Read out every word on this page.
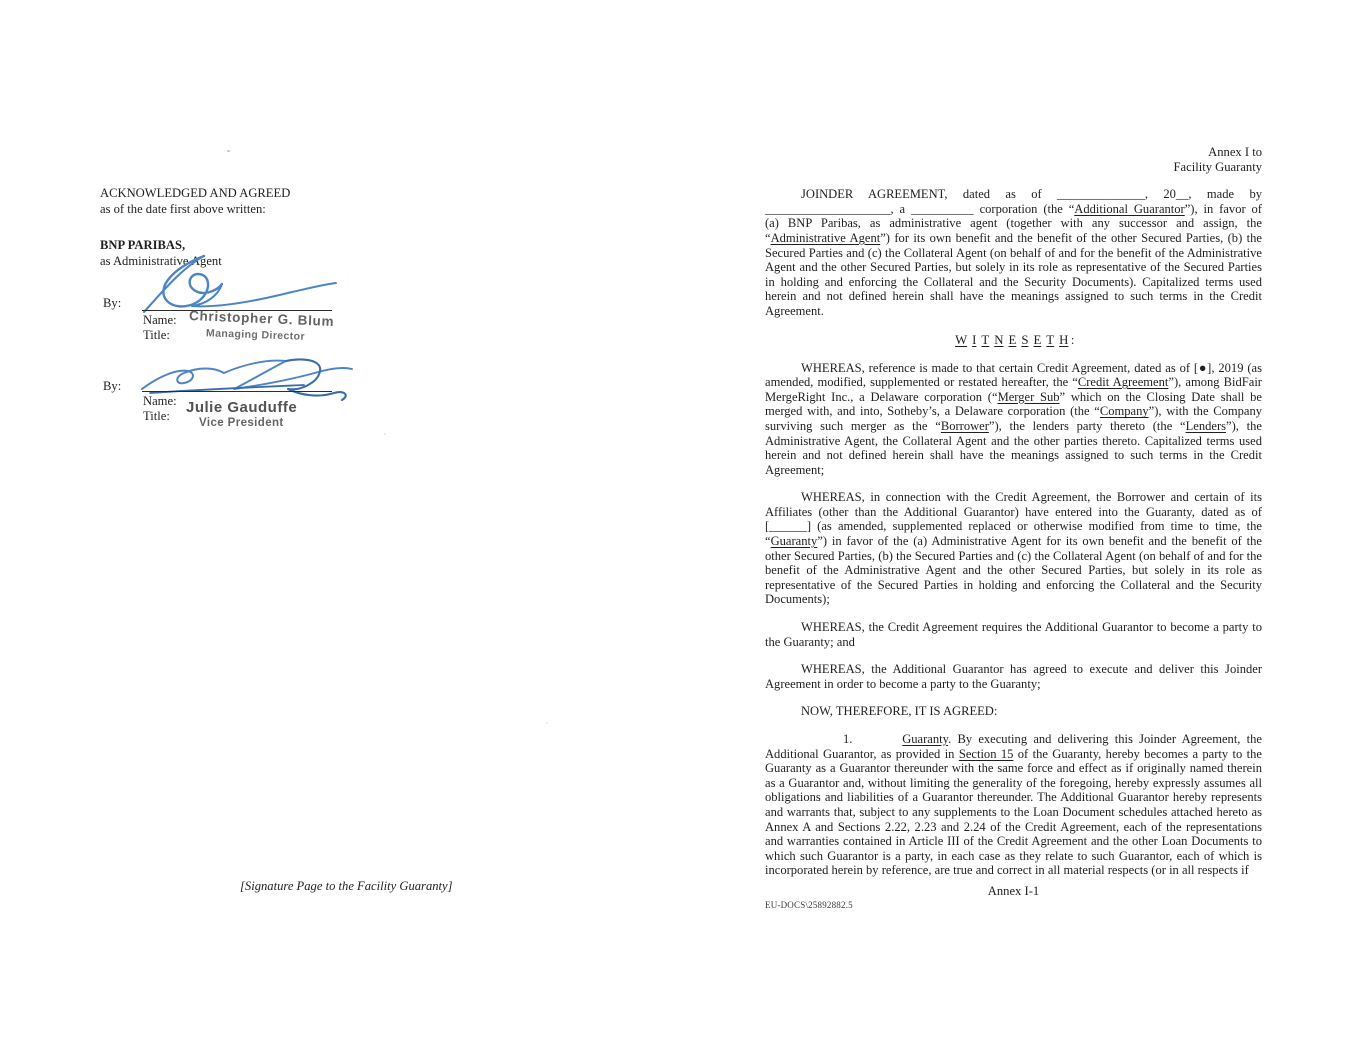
ACKNOWLEDGED AND AGREED
as of the date first above written:
BNP PARIBAS,
as Administrative Agent
By:
Name:
Title:
Christopher G. Blum
Managing Director
By:
Name:
Title: Julie Gauduffe
Vice President
[Signature Page to the Facility Guaranty]
Annex I to
Facility Guaranty

JOINDER AGREEMENT, dated as of ______________, 20__, made by ____________________, a __________ corporation (the “Additional Guarantor”), in favor of (a) BNP Paribas, as administrative agent (together with any successor and assign, the “Administrative Agent”) for its own benefit and the benefit of the other Secured Parties, (b) the Secured Parties and (c) the Collateral Agent (on behalf of and for the benefit of the Administrative Agent and the other Secured Parties, but solely in its role as representative of the Secured Parties in holding and enforcing the Collateral and the Security Documents). Capitalized terms used herein and not defined herein shall have the meanings assigned to such terms in the Credit Agreement.

W I T N E S E T H :

WHEREAS, reference is made to that certain Credit Agreement, dated as of [●], 2019 (as amended, modified, supplemented or restated hereafter, the “Credit Agreement”), among BidFair MergeRight Inc., a Delaware corporation (“Merger Sub” which on the Closing Date shall be merged with, and into, Sotheby’s, a Delaware corporation (the “Company”), with the Company surviving such merger as the “Borrower”), the lenders party thereto (the “Lenders”), the Administrative Agent, the Collateral Agent and the other parties thereto. Capitalized terms used herein and not defined herein shall have the meanings assigned to such terms in the Credit Agreement;

WHEREAS, in connection with the Credit Agreement, the Borrower and certain of its Affiliates (other than the Additional Guarantor) have entered into the Guaranty, dated as of [______] (as amended, supplemented replaced or otherwise modified from time to time, the “Guaranty”) in favor of the (a) Administrative Agent for its own benefit and the benefit of the other Secured Parties, (b) the Secured Parties and (c) the Collateral Agent (on behalf of and for the benefit of the Administrative Agent and the other Secured Parties, but solely in its role as representative of the Secured Parties in holding and enforcing the Collateral and the Security Documents);

WHEREAS, the Credit Agreement requires the Additional Guarantor to become a party to the Guaranty; and

WHEREAS, the Additional Guarantor has agreed to execute and deliver this Joinder Agreement in order to become a party to the Guaranty;

NOW, THEREFORE, IT IS AGREED:

1.        Guaranty. By executing and delivering this Joinder Agreement, the Additional Guarantor, as provided in Section 15 of the Guaranty, hereby becomes a party to the Guaranty as a Guarantor thereunder with the same force and effect as if originally named therein as a Guarantor and, without limiting the generality of the foregoing, hereby expressly assumes all obligations and liabilities of a Guarantor thereunder. The Additional Guarantor hereby represents and warrants that, subject to any supplements to the Loan Document schedules attached hereto as Annex A and Sections 2.22, 2.23 and 2.24 of the Credit Agreement, each of the representations and warranties contained in Article III of the Credit Agreement and the other Loan Documents to which such Guarantor is a party, in each case as they relate to such Guarantor, each of which is incorporated herein by reference, are true and correct in all material respects (or in all respects if

Annex I-1
EU-DOCS\25892882.5
